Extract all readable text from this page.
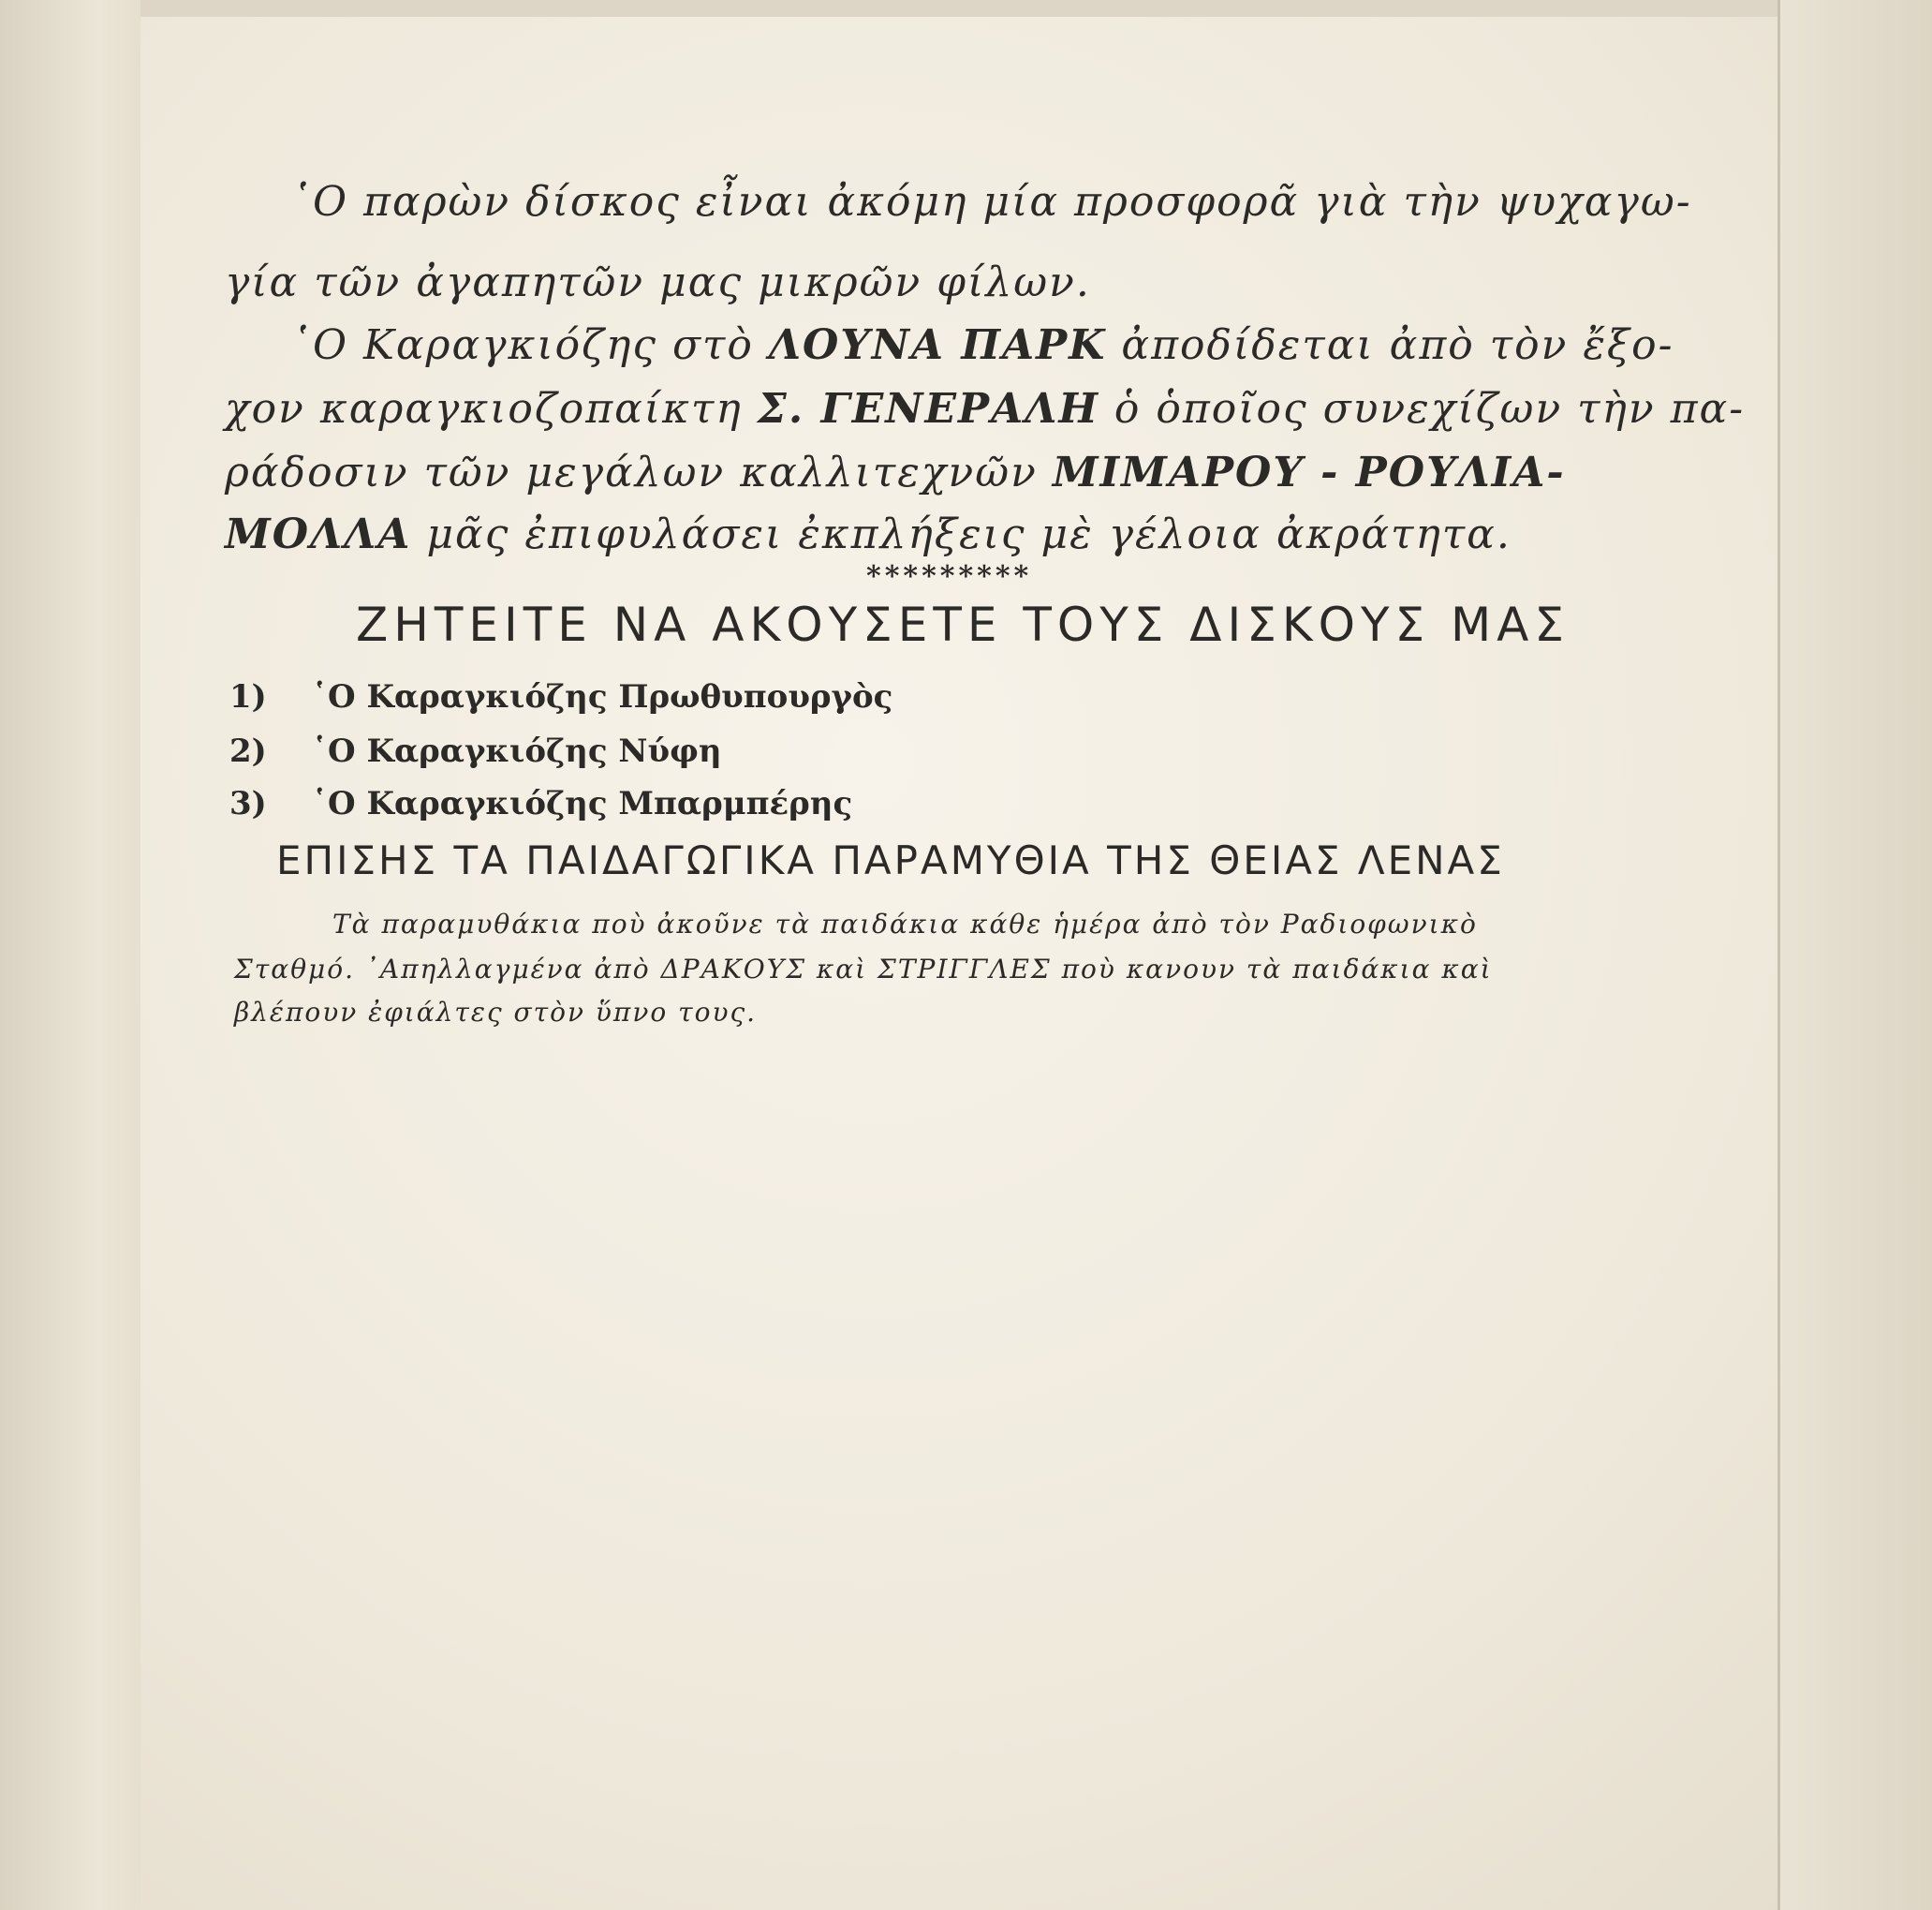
῾Ο παρὼν δίσκος εἶναι ἀκόμη μία προσφορᾶ γιὰ τὴν ψυχαγω-

γία τῶν ἀγαπητῶν μας μικρῶν φίλων.

῾Ο Καραγκιόζης στὸ ΛΟΥΝΑ ΠΑΡΚ ἀποδίδεται ἀπὸ τὸν ἔξο-

χον καραγκιοζοπαίκτη Σ. ΓΕΝΕΡΑΛΗ ὁ ὁποῖος συνεχίζων τὴν πα-

ράδοσιν τῶν μεγάλων καλλιτεχνῶν ΜΙΜΑΡΟΥ - ΡΟΥΛΙΑ-

ΜΟΛΛΑ μᾶς ἐπιφυλάσει ἐκπλήξεις μὲ γέλοια ἀκράτητα.

*********
ΖΗΤΕΙΤΕ ΝΑ ΑΚΟΥΣΕΤΕ ΤΟΥΣ ΔΙΣΚΟΥΣ ΜΑΣ
1) ῾Ο Καραγκιόζης Πρωθυπουργὸς
2) ῾Ο Καραγκιόζης Νύφη
3) ῾Ο Καραγκιόζης Μπαρμπέρης
ΕΠΙΣΗΣ ΤΑ ΠΑΙΔΑΓΩΓΙΚΑ ΠΑΡΑΜΥΘΙΑ ΤΗΣ ΘΕΙΑΣ ΛΕΝΑΣ
Τὰ παραμυθάκια ποὺ ἀκοῦνε τὰ παιδάκια κάθε ἡμέρα ἀπὸ τὸν Ραδιοφωνικὸ
Σταθμό. ᾿Απηλλαγμένα ἀπὸ ΔΡΑΚΟΥΣ καὶ ΣΤΡΙΓΓΛΕΣ ποὺ κανουν τὰ παιδάκια καὶ
βλέπουν ἐφιάλτες στὸν ὕπνο τους.
